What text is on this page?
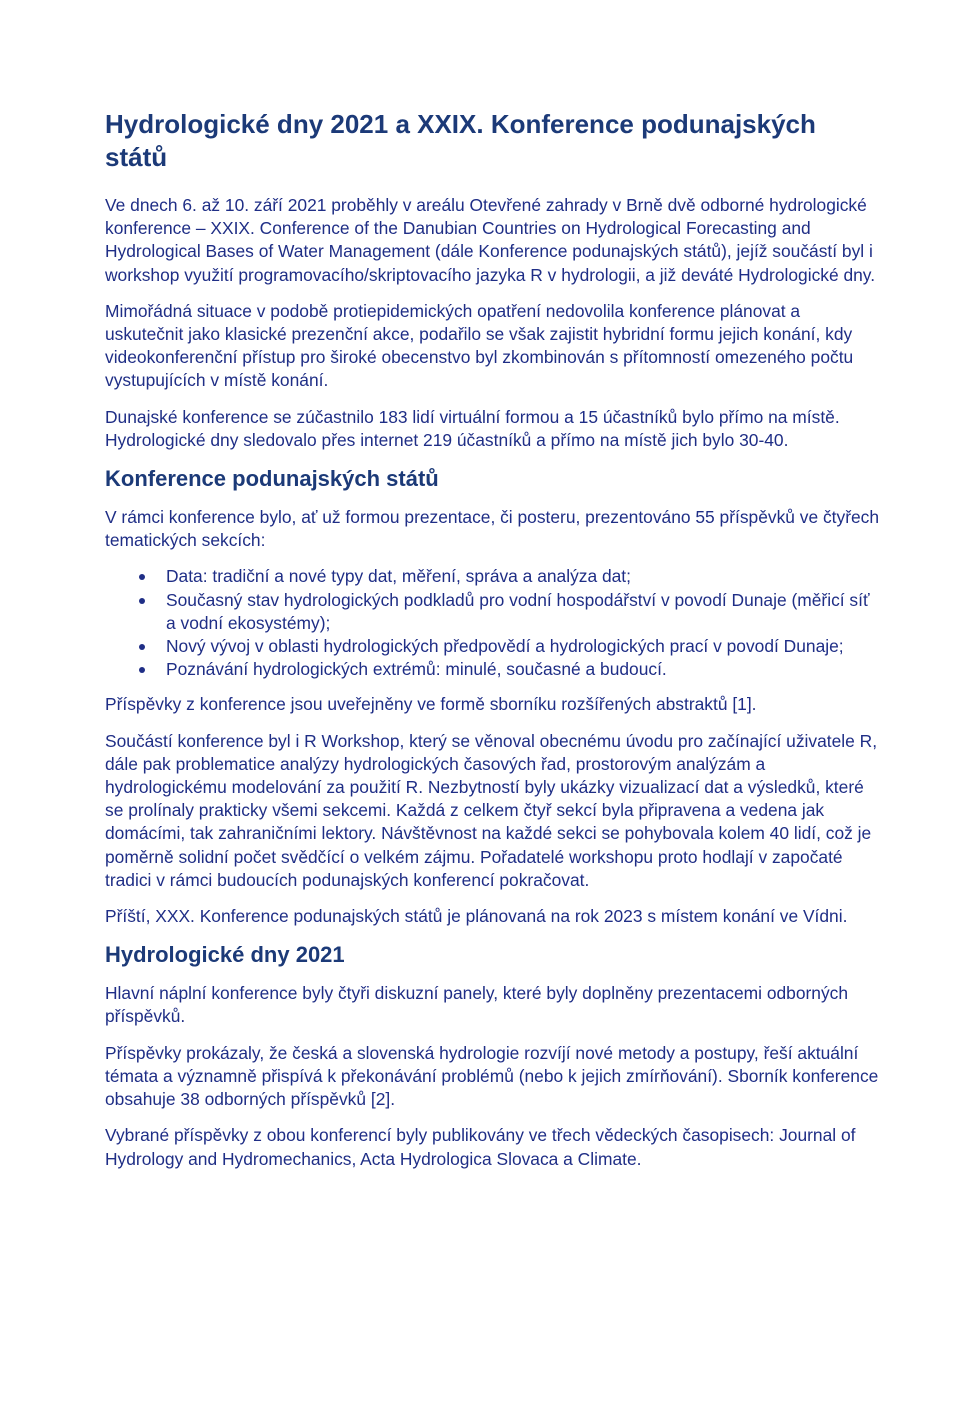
Hydrologické dny 2021 a XXIX. Konference podunajských států

Ve dnech 6. až 10. září 2021 proběhly v areálu Otevřené zahrady v Brně dvě odborné hydrologické konference – XXIX. Conference of the Danubian Countries on Hydrological Forecasting and Hydrological Bases of Water Management (dále Konference podunajských států), jejíž součástí byl i workshop využití programovacího/skriptovacího jazyka R v hydrologii, a již deváté Hydrologické dny.

Mimořádná situace v podobě protiepidemických opatření nedovolila konference plánovat a uskutečnit jako klasické prezenční akce, podařilo se však zajistit hybridní formu jejich konání, kdy videokonferenční přístup pro široké obecenstvo byl zkombinován s přítomností omezeného počtu vystupujících v místě konání.

Dunajské konference se zúčastnilo 183 lidí virtuální formou a 15 účastníků bylo přímo na místě. Hydrologické dny sledovalo přes internet 219 účastníků a přímo na místě jich bylo 30-40.

Konference podunajských států

V rámci konference bylo, ať už formou prezentace, či posteru, prezentováno 55 příspěvků ve čtyřech tematických sekcích:

Data: tradiční a nové typy dat, měření, správa a analýza dat;
Současný stav hydrologických podkladů pro vodní hospodářství v povodí Dunaje (měřicí síť a vodní ekosystémy);
Nový vývoj v oblasti hydrologických předpovědí a hydrologických prací v povodí Dunaje;
Poznávání hydrologických extrémů: minulé, současné a budoucí.

Příspěvky z konference jsou uveřejněny ve formě sborníku rozšířených abstraktů [1].

Součástí konference byl i R Workshop, který se věnoval obecnému úvodu pro začínající uživatele R, dále pak problematice analýzy hydrologických časových řad, prostorovým analýzám a hydrologickému modelování za použití R. Nezbytností byly ukázky vizualizací dat a výsledků, které se prolínaly prakticky všemi sekcemi. Každá z celkem čtyř sekcí byla připravena a vedena jak domácími, tak zahraničními lektory. Návštěvnost na každé sekci se pohybovala kolem 40 lidí, což je poměrně solidní počet svědčící o velkém zájmu. Pořadatelé workshopu proto hodlají v započaté tradici v rámci budoucích podunajských konferencí pokračovat.

Příští, XXX. Konference podunajských států je plánovaná na rok 2023 s místem konání ve Vídni.

Hydrologické dny 2021

Hlavní náplní konference byly čtyři diskuzní panely, které byly doplněny prezentacemi odborných příspěvků.

Příspěvky prokázaly, že česká a slovenská hydrologie rozvíjí nové metody a postupy, řeší aktuální témata a významně přispívá k překonávání problémů (nebo k jejich zmírňování). Sborník konference obsahuje 38 odborných příspěvků [2].

Vybrané příspěvky z obou konferencí byly publikovány ve třech vědeckých časopisech: Journal of Hydrology and Hydromechanics, Acta Hydrologica Slovaca a Climate.
